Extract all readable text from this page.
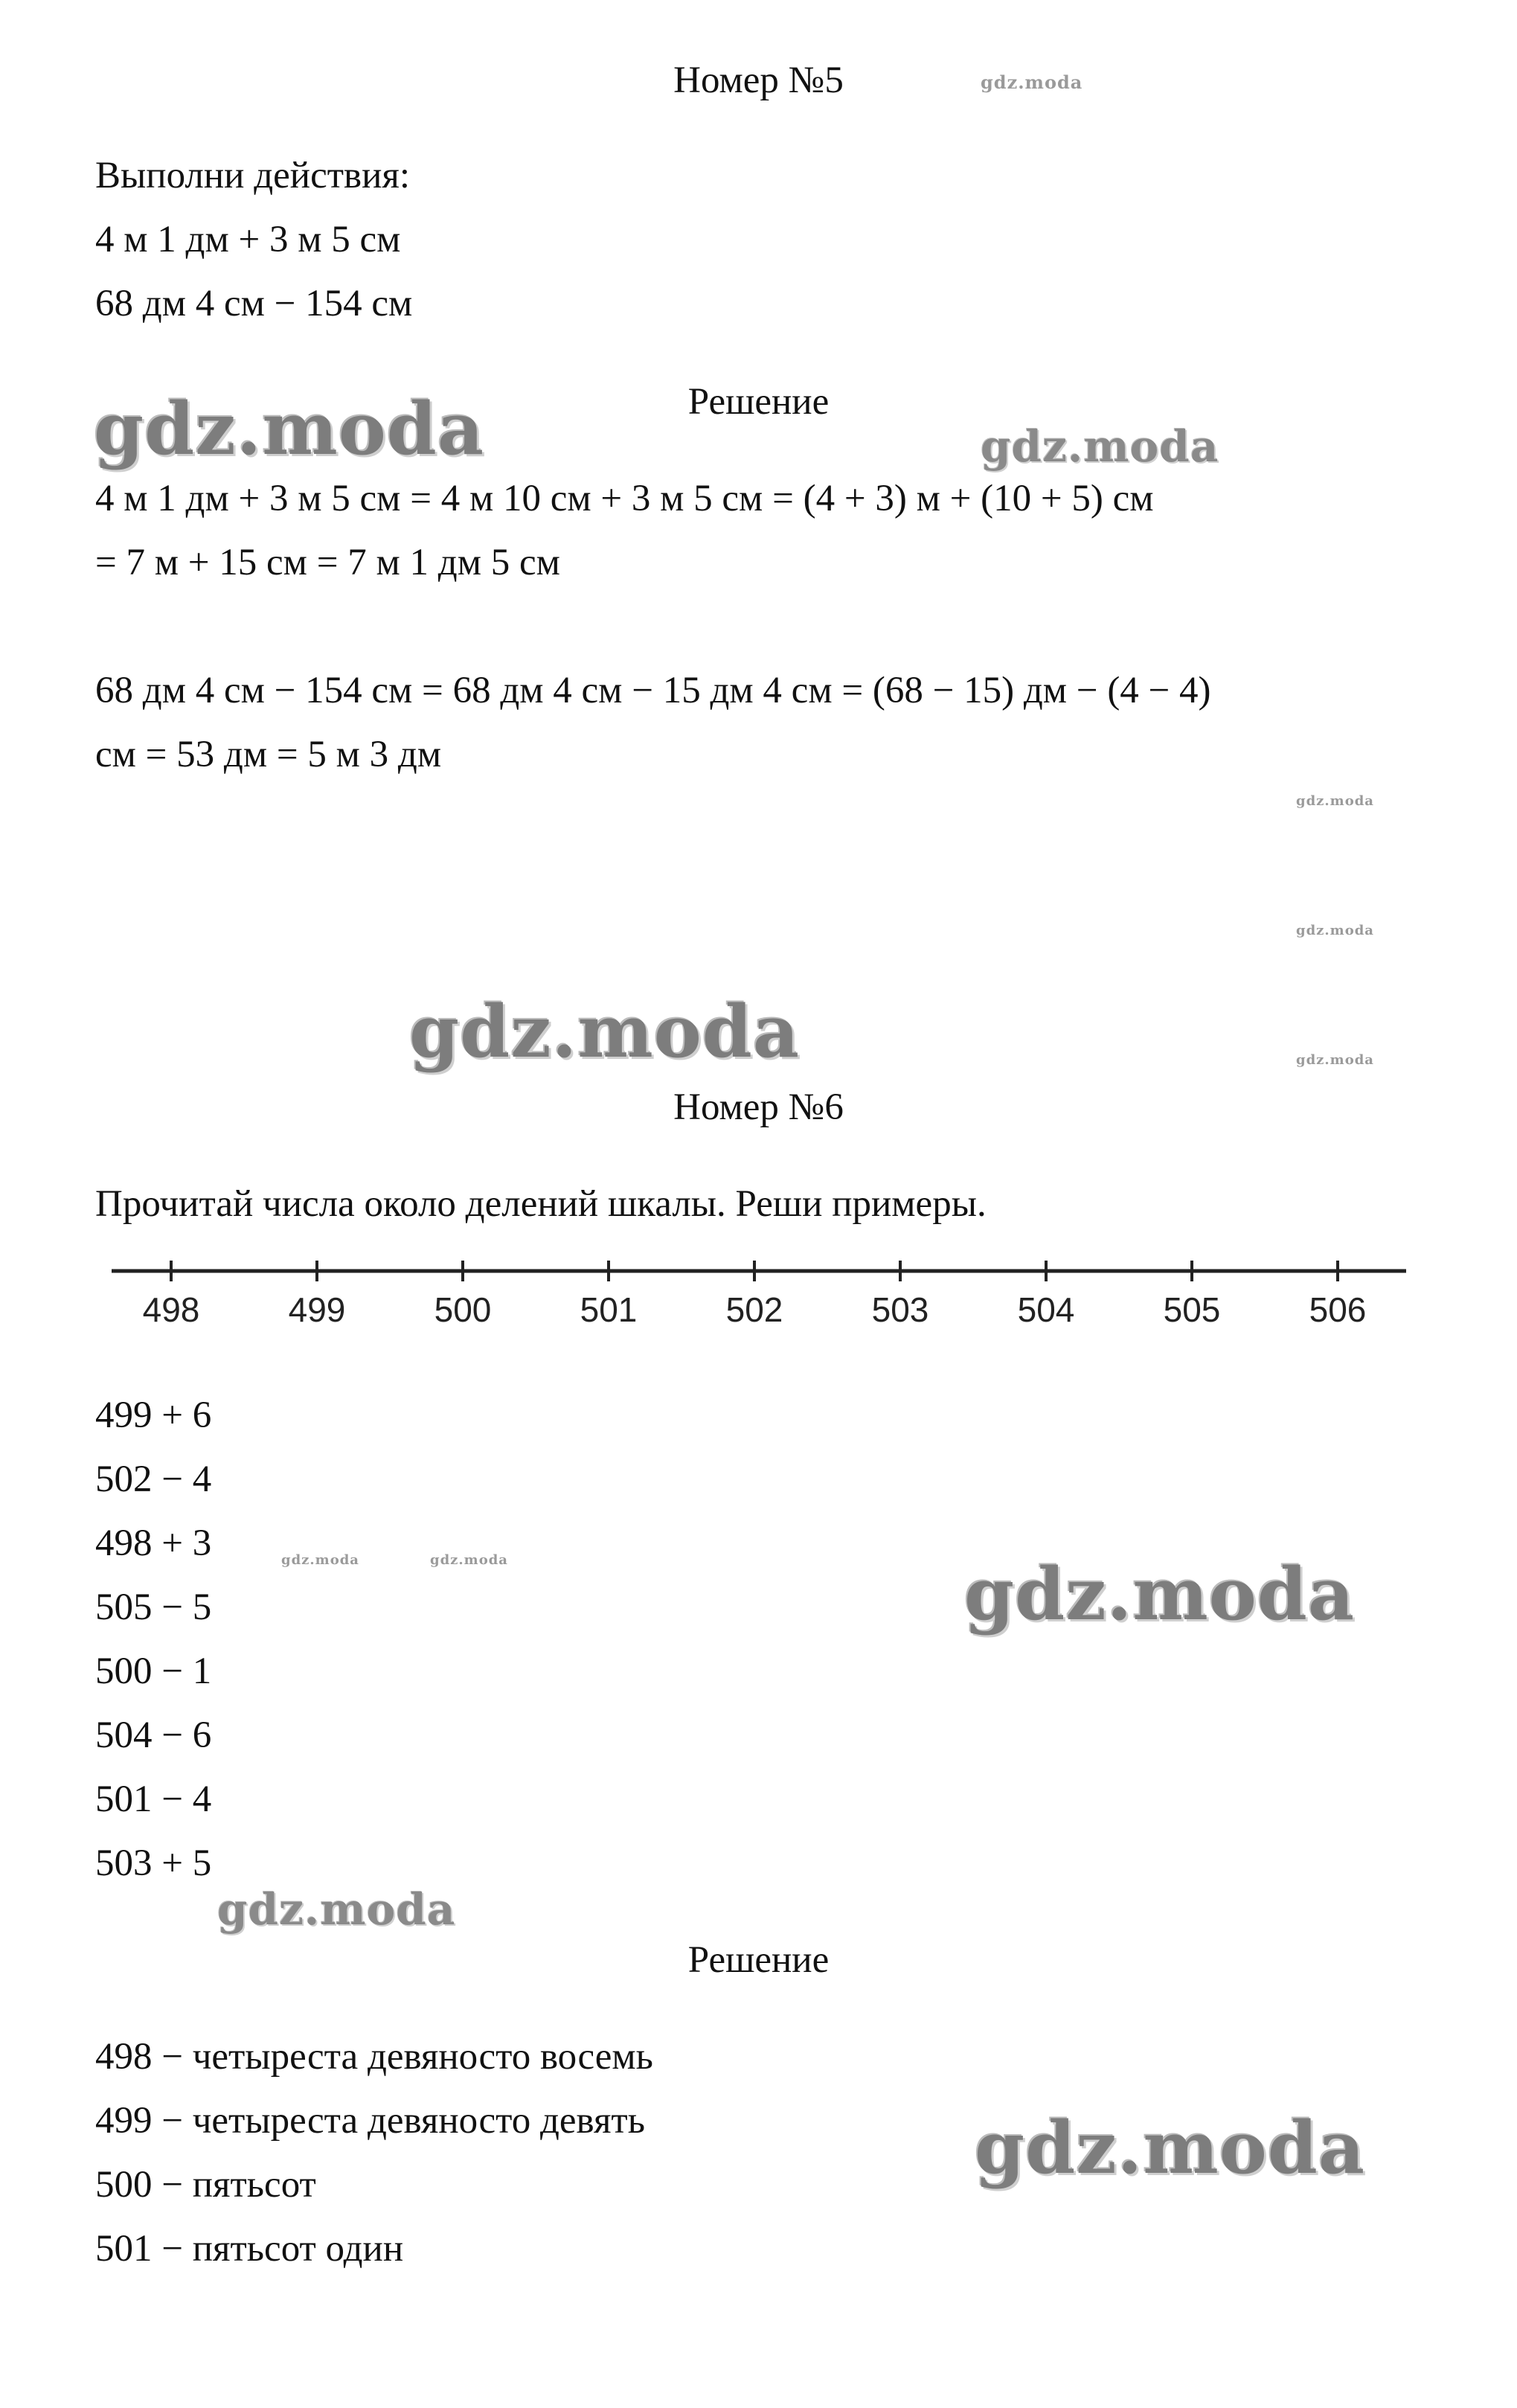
Номер №5
Выполни действия:
4 м 1 дм + 3 м 5 см
68 дм 4 см − 154 см
Решение
4 м 1 дм + 3 м 5 см = 4 м 10 см + 3 м 5 см = (4 + 3) м + (10 + 5) см
= 7 м + 15 см = 7 м 1 дм 5 см
68 дм 4 см − 154 см = 68 дм 4 см − 15 дм 4 см = (68 − 15) дм − (4 − 4)
см = 53 дм = 5 м 3 дм
Номер №6
Прочитай числа около делений шкалы. Реши примеры.
498	499	500	501	502	503	504	505	506
499 + 6
502 − 4
498 + 3
505 − 5
500 − 1
504 − 6
501 − 4
503 + 5
Решение
498 − четыреста девяносто восемь
499 − четыреста девяносто девять
500 − пятьсот
501 − пятьсот один
gdz.moda
gdz.moda	gdz.moda
gdz.moda
gdz.moda
gdz.moda	gdz.moda
gdz.moda	gdz.moda	gdz.moda
gdz.moda
gdz.moda
